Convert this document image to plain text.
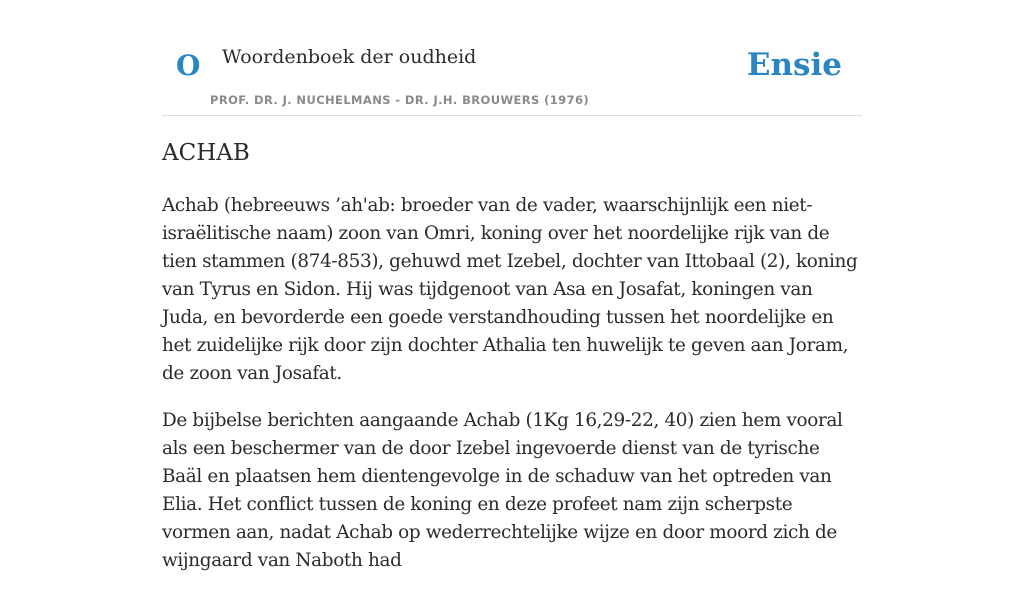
O Woordenboek der oudheid
PROF. DR. J. NUCHELMANS - DR. J.H. BROUWERS (1976)
Ensie
ACHAB

Achab (hebreeuws ’ah'ab: broeder van de vader, waarschijnlijk een niet-israëlitische naam) zoon van Omri, koning over het noordelijke rijk van de tien stammen (874-853), gehuwd met Izebel, dochter van Ittobaal (2), koning van Tyrus en Sidon. Hij was tijdgenoot van Asa en Josafat, koningen van Juda, en bevorderde een goede verstandhouding tussen het noordelijke en het zuidelijke rijk door zijn dochter Athalia ten huwelijk te geven aan Joram, de zoon van Josafat.

De bijbelse berichten aangaande Achab (1Kg 16,29-22, 40) zien hem vooral als een beschermer van de door Izebel ingevoerde dienst van de tyrische Baäl en plaatsen hem dientengevolge in de schaduw van het optreden van Elia. Het conflict tussen de koning en deze profeet nam zijn scherpste vormen aan, nadat Achab op wederrechtelijke wijze en door moord zich de wijngaard van Naboth had
